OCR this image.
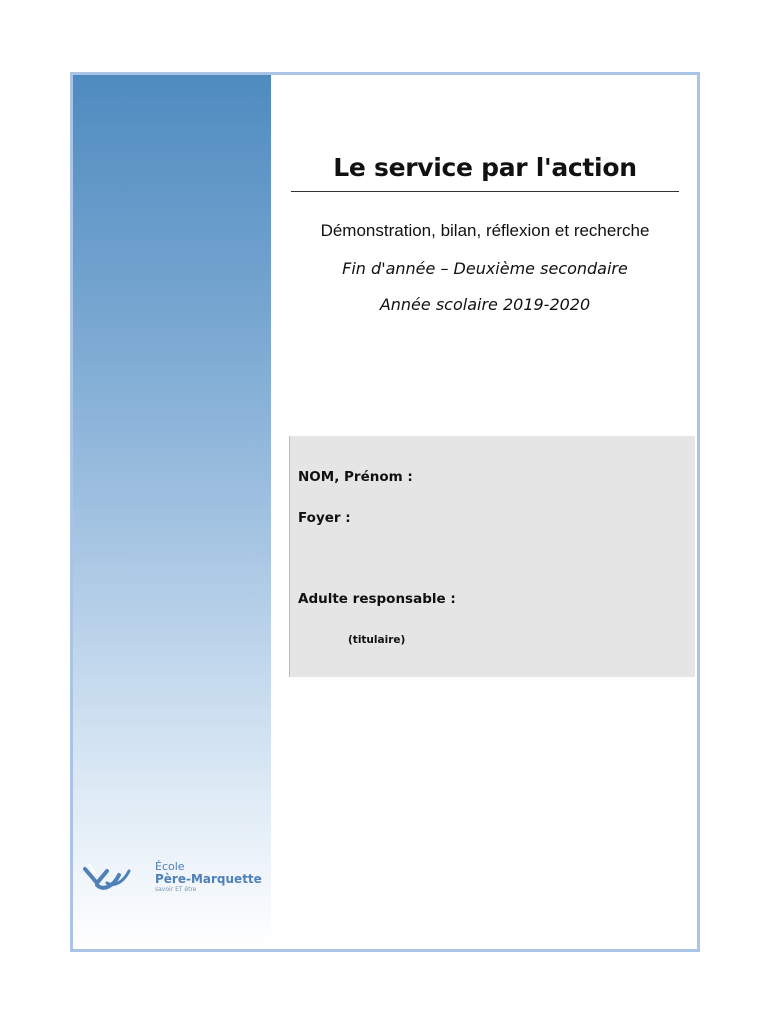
École
Père-Marquette
savoir ET être
Le service par l'action
Démonstration, bilan, réflexion et recherche
Fin d'année – Deuxième secondaire
Année scolaire 2019-2020
NOM, Prénom :
Foyer :
Adulte responsable :
(titulaire)
